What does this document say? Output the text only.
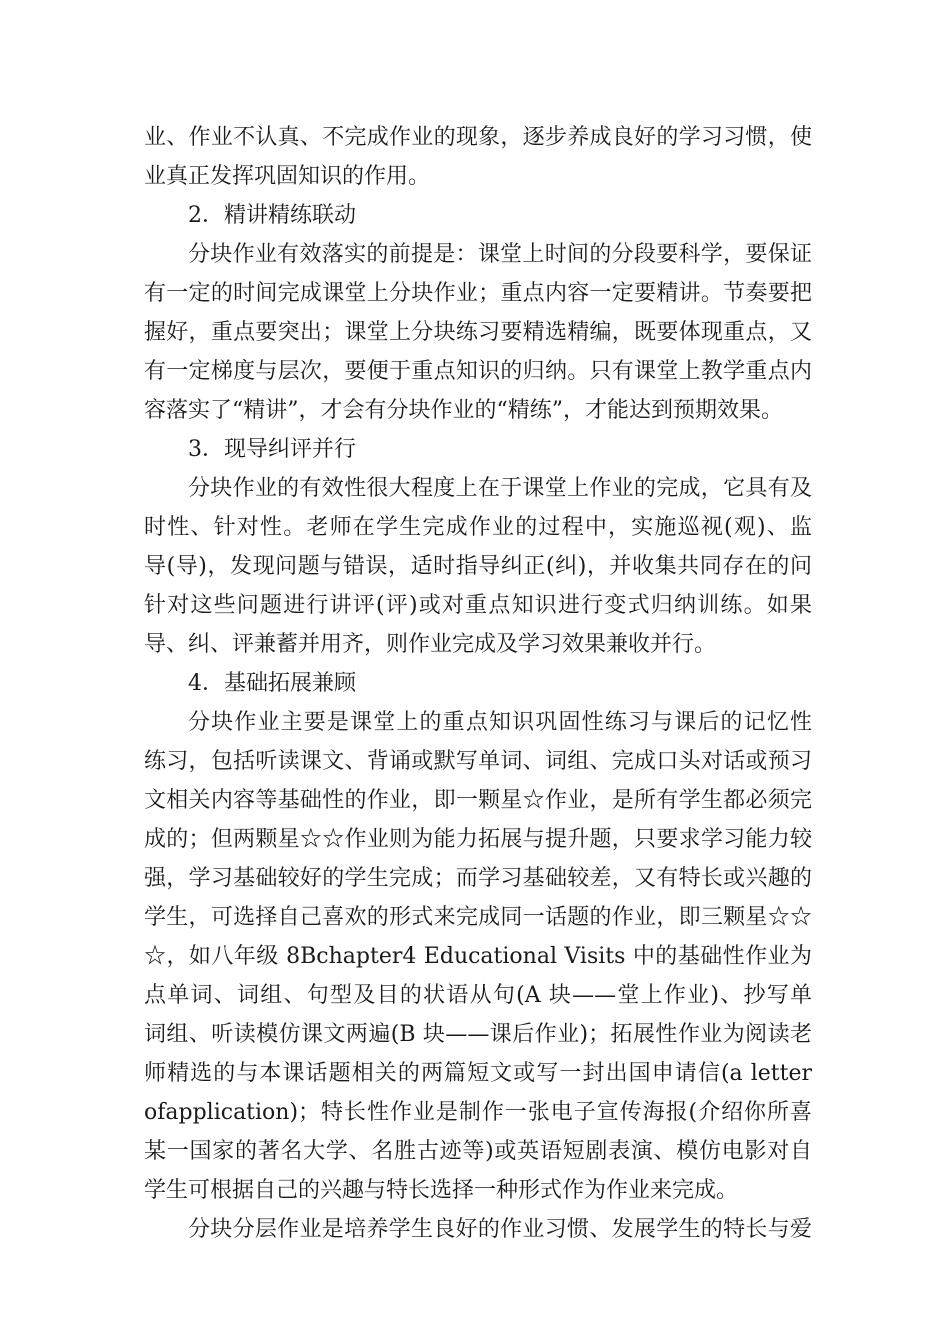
业、作业不认真、不完成作业的现象，逐步养成良好的学习习惯，使
业真正发挥巩固知识的作用。
2．精讲精练联动
分块作业有效落实的前提是：课堂上时间的分段要科学，要保证
有一定的时间完成课堂上分块作业；重点内容一定要精讲。节奏要把
握好，重点要突出；课堂上分块练习要精选精编，既要体现重点，又
有一定梯度与层次，要便于重点知识的归纳。只有课堂上教学重点内
容落实了“精讲”，才会有分块作业的“精练”，才能达到预期效果。
3．现导纠评并行
分块作业的有效性很大程度上在于课堂上作业的完成，它具有及
时性、针对性。老师在学生完成作业的过程中，实施巡视(观)、监
导(导)，发现问题与错误，适时指导纠正(纠)，并收集共同存在的问
针对这些问题进行讲评(评)或对重点知识进行变式归纳训练。如果
导、纠、评兼蓄并用齐，则作业完成及学习效果兼收并行。
4．基础拓展兼顾
分块作业主要是课堂上的重点知识巩固性练习与课后的记忆性
练习，包括听读课文、背诵或默写单词、词组、完成口头对话或预习
文相关内容等基础性的作业，即一颗星☆作业，是所有学生都必须完
成的；但两颗星☆☆作业则为能力拓展与提升题，只要求学习能力较
强，学习基础较好的学生完成；而学习基础较差，又有特长或兴趣的
学生，可选择自己喜欢的形式来完成同一话题的作业，即三颗星☆☆
☆，如八年级 8Bchapter4 Educational Visits 中的基础性作业为
点单词、词组、句型及目的状语从句(A 块——堂上作业)、抄写单
词组、听读模仿课文两遍(B 块——课后作业)；拓展性作业为阅读老
师精选的与本课话题相关的两篇短文或写一封出国申请信(a letter
ofapplication)；特长性作业是制作一张电子宣传海报(介绍你所喜
某一国家的著名大学、名胜古迹等)或英语短剧表演、模仿电影对自
学生可根据自己的兴趣与特长选择一种形式作为作业来完成。
分块分层作业是培养学生良好的作业习惯、发展学生的特长与爱
